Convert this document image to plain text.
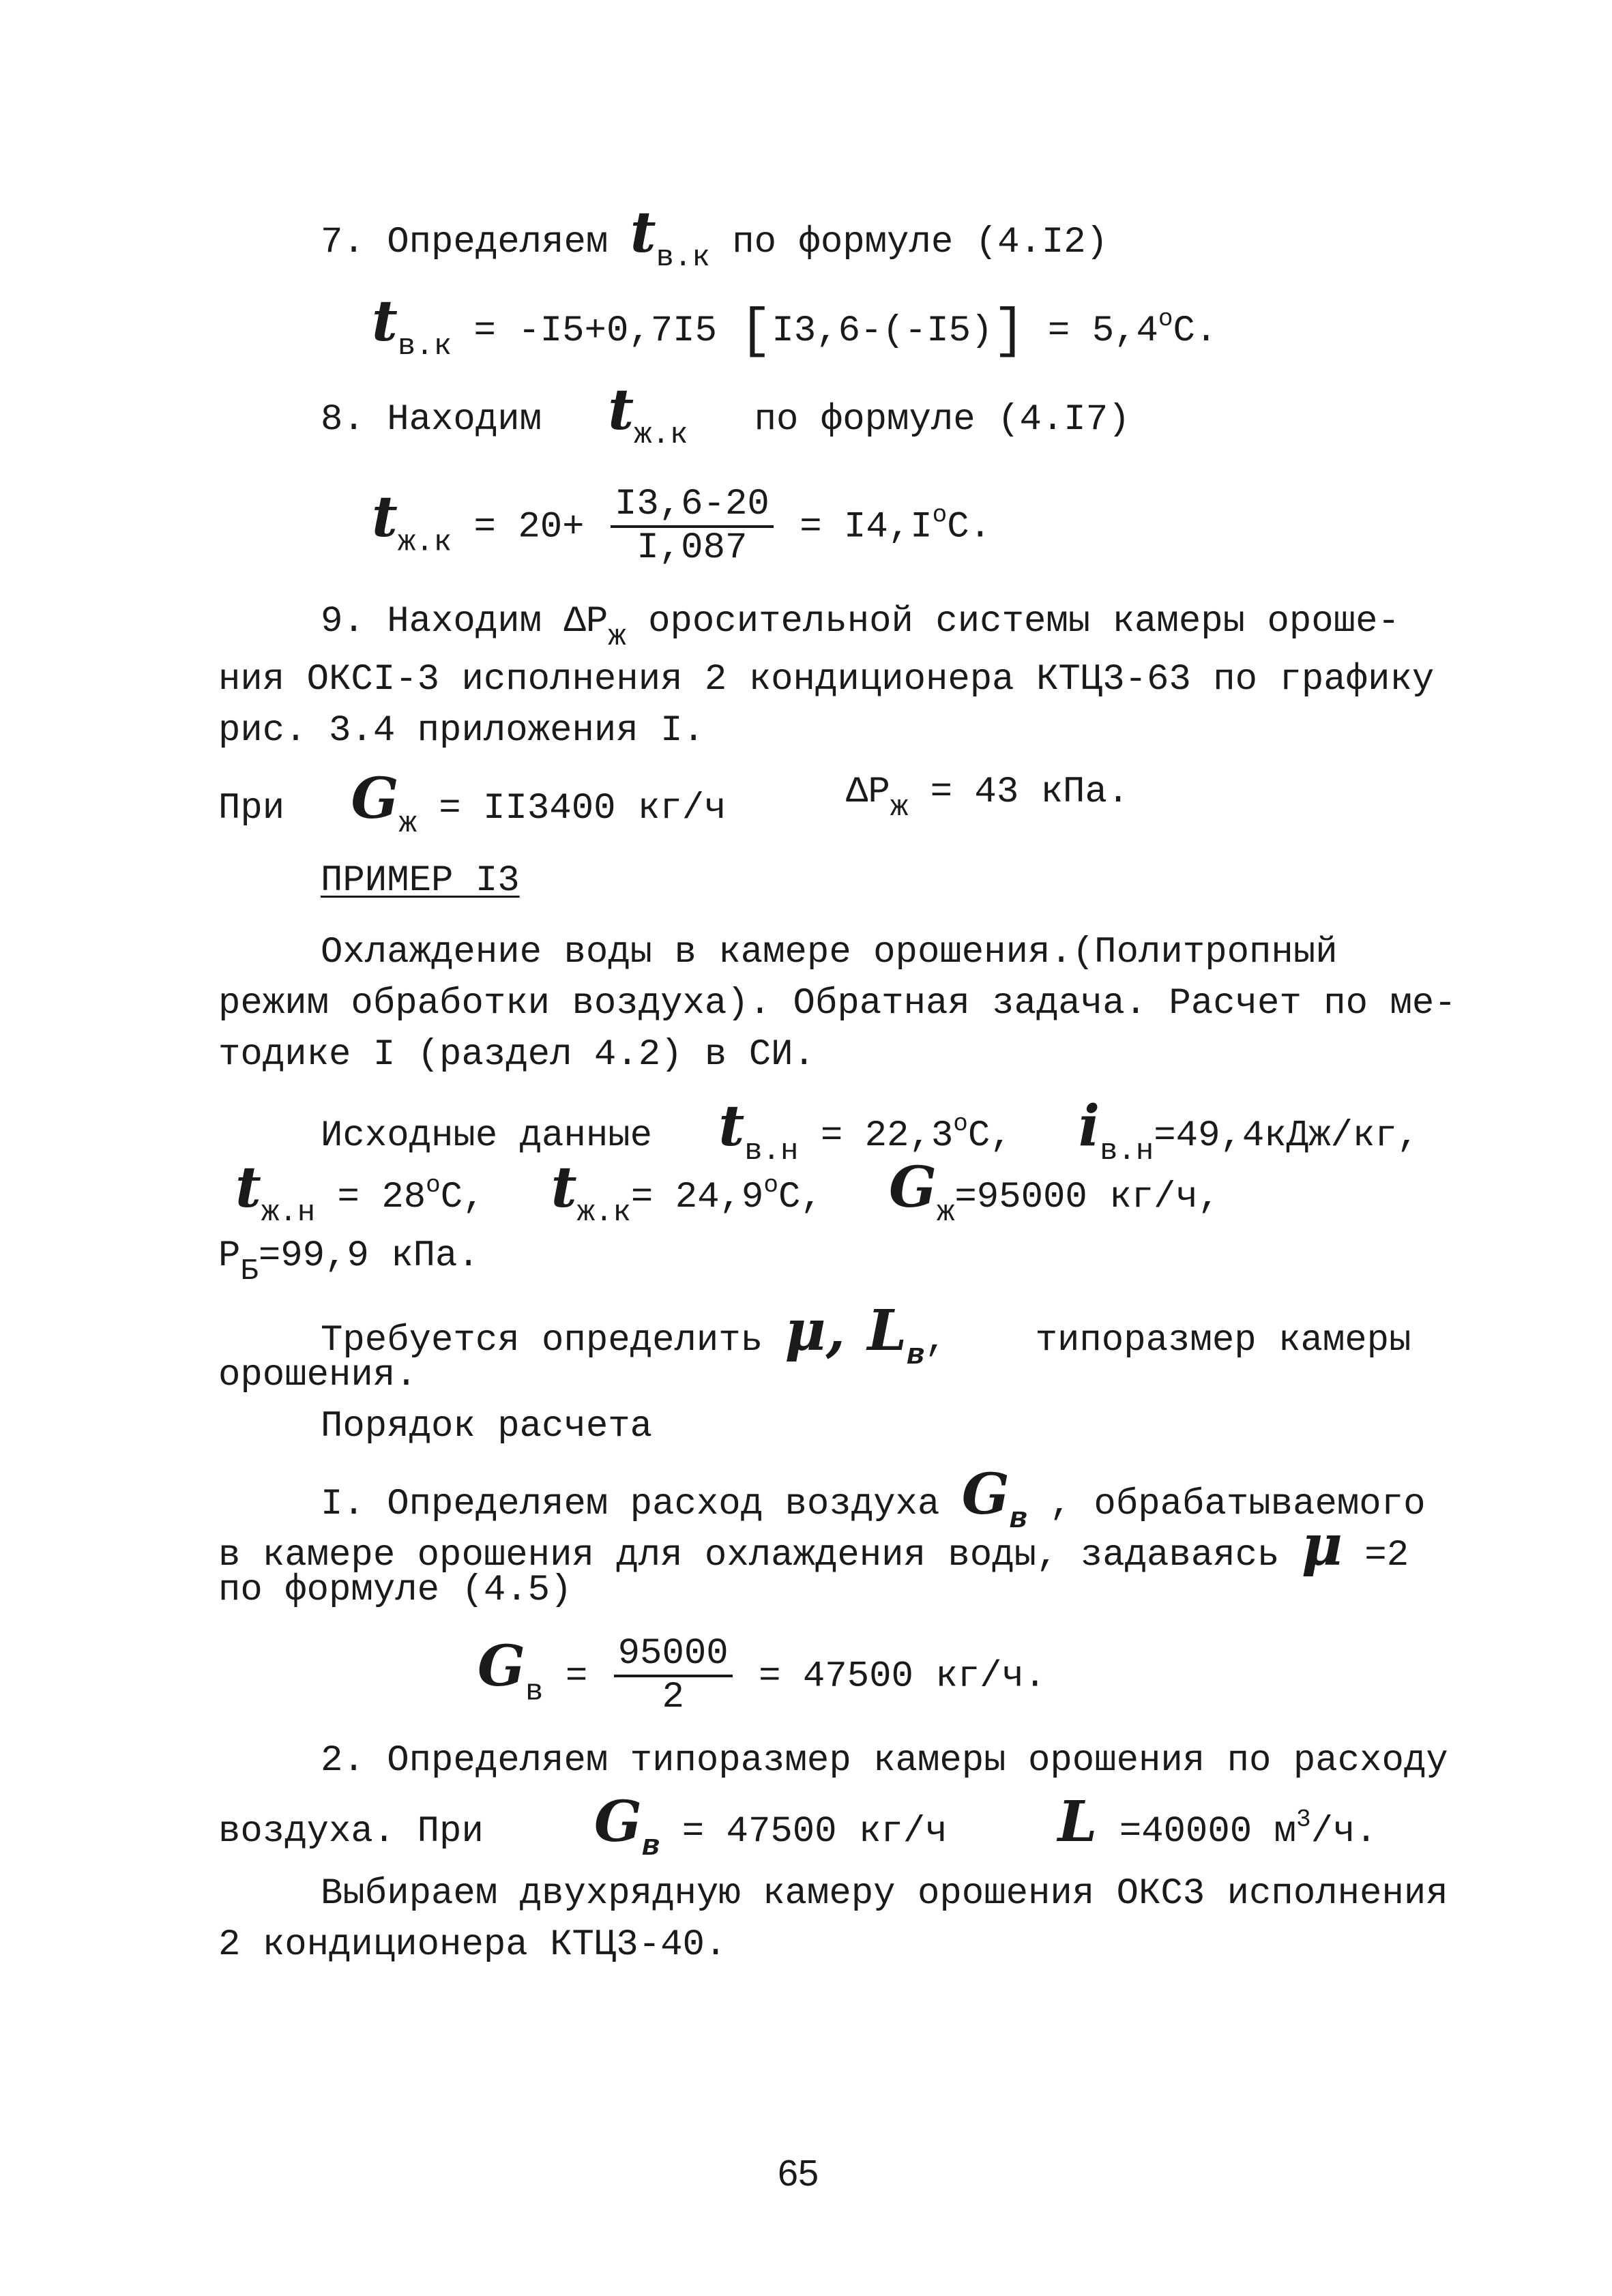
7. Определяем $t_{в.к}$ по формуле (4.I2)
$t_{в.к} = -I5+0,7I5$ $[I3,6-(-I5)] = 5,4^oC$.
8. Находим $t_{ж.к}$ по формуле (4.I7)
$t_{ж.к} = 20+ \frac{I3,6-20}{I,087} = I4,I^oC$.
9. Находим $\Delta P_ж$ оросительной системы камеры ороше-
ния ОКСI-3 исполнения 2 кондиционера КТЦ3-63 по графику
рис. 3.4 приложения I.
При $G_ж = II3400$ кг/ч	$\Delta P_ж = 43$ кПа.
ПРИМЕР I3
Охлаждение воды в камере орошения.(Политропный
режим обработки воздуха). Обратная задача. Расчет по ме-
тодике I (раздел 4.2) в СИ.
Исходные данные $t_{в.н} = 22,3^oC$, $i_{в.н}=49,4кДж/кг$,
$t_{ж.н} = 28^oC$, $t_{ж.к}= 24,9^oC$, $G_ж=95000$ кг/ч,
$P_Б=99,9$ кПа.
Требуется определить μ, $L_в$, типоразмер камеры
орошения.
Порядок расчета
I. Определяем расход воздуха $G_в$ , обрабатываемого
в камере орошения для охлаждения воды, задаваясь μ =2
по формуле (4.5)
$G_в = \frac{95000}{2} = 47500$ кг/ч.
2. Определяем типоразмер камеры орошения по расходу
воздуха. При $G_в = 47500$ кг/ч L =40000 $м^3/ч$.
Выбираем двухрядную камеру орошения ОКС3 исполнения
2 кондиционера КТЦ3-40.
65
